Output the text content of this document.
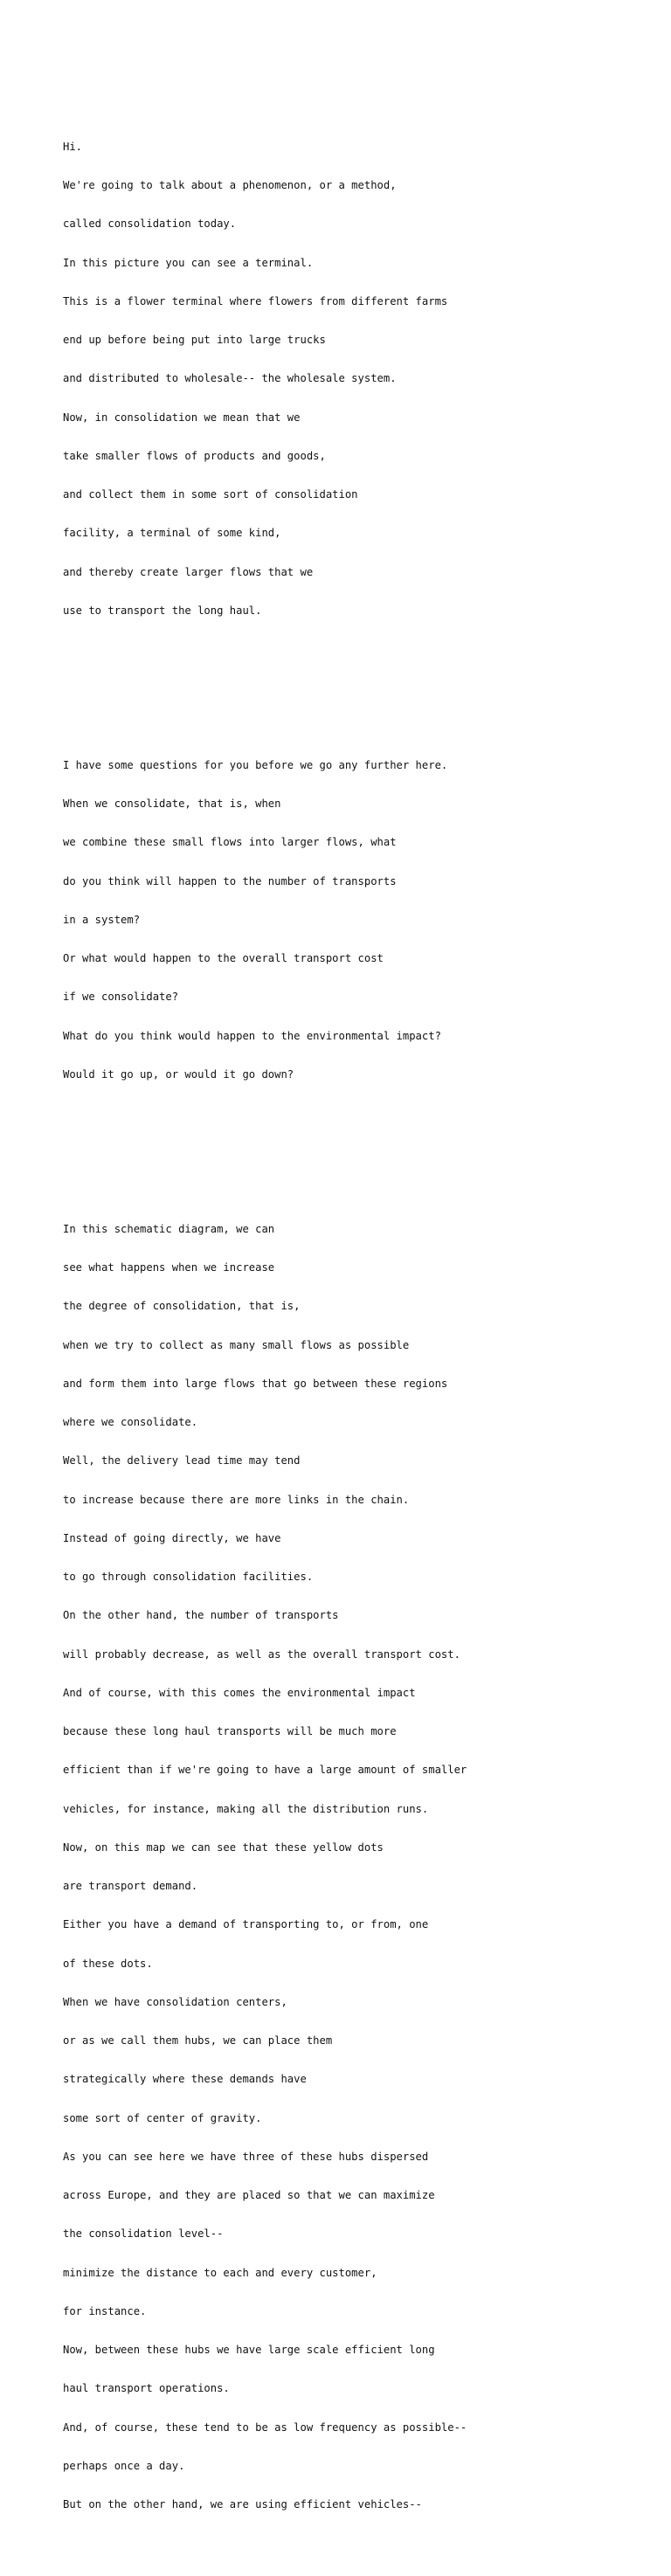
Hi.

We're going to talk about a phenomenon, or a method,

called consolidation today.

In this picture you can see a terminal.

This is a flower terminal where flowers from different farms

end up before being put into large trucks

and distributed to wholesale-- the wholesale system.

Now, in consolidation we mean that we

take smaller flows of products and goods,

and collect them in some sort of consolidation

facility, a terminal of some kind,

and thereby create larger flows that we

use to transport the long haul.

I have some questions for you before we go any further here.

When we consolidate, that is, when

we combine these small flows into larger flows, what

do you think will happen to the number of transports

in a system?

Or what would happen to the overall transport cost

if we consolidate?

What do you think would happen to the environmental impact?

Would it go up, or would it go down?

In this schematic diagram, we can

see what happens when we increase

the degree of consolidation, that is,

when we try to collect as many small flows as possible

and form them into large flows that go between these regions

where we consolidate.

Well, the delivery lead time may tend

to increase because there are more links in the chain.

Instead of going directly, we have

to go through consolidation facilities.

On the other hand, the number of transports

will probably decrease, as well as the overall transport cost.

And of course, with this comes the environmental impact

because these long haul transports will be much more

efficient than if we're going to have a large amount of smaller

vehicles, for instance, making all the distribution runs.

Now, on this map we can see that these yellow dots

are transport demand.

Either you have a demand of transporting to, or from, one

of these dots.

When we have consolidation centers,

or as we call them hubs, we can place them

strategically where these demands have

some sort of center of gravity.

As you can see here we have three of these hubs dispersed

across Europe, and they are placed so that we can maximize

the consolidation level--

minimize the distance to each and every customer,

for instance.

Now, between these hubs we have large scale efficient long

haul transport operations.

And, of course, these tend to be as low frequency as possible--

perhaps once a day.

But on the other hand, we are using efficient vehicles--
